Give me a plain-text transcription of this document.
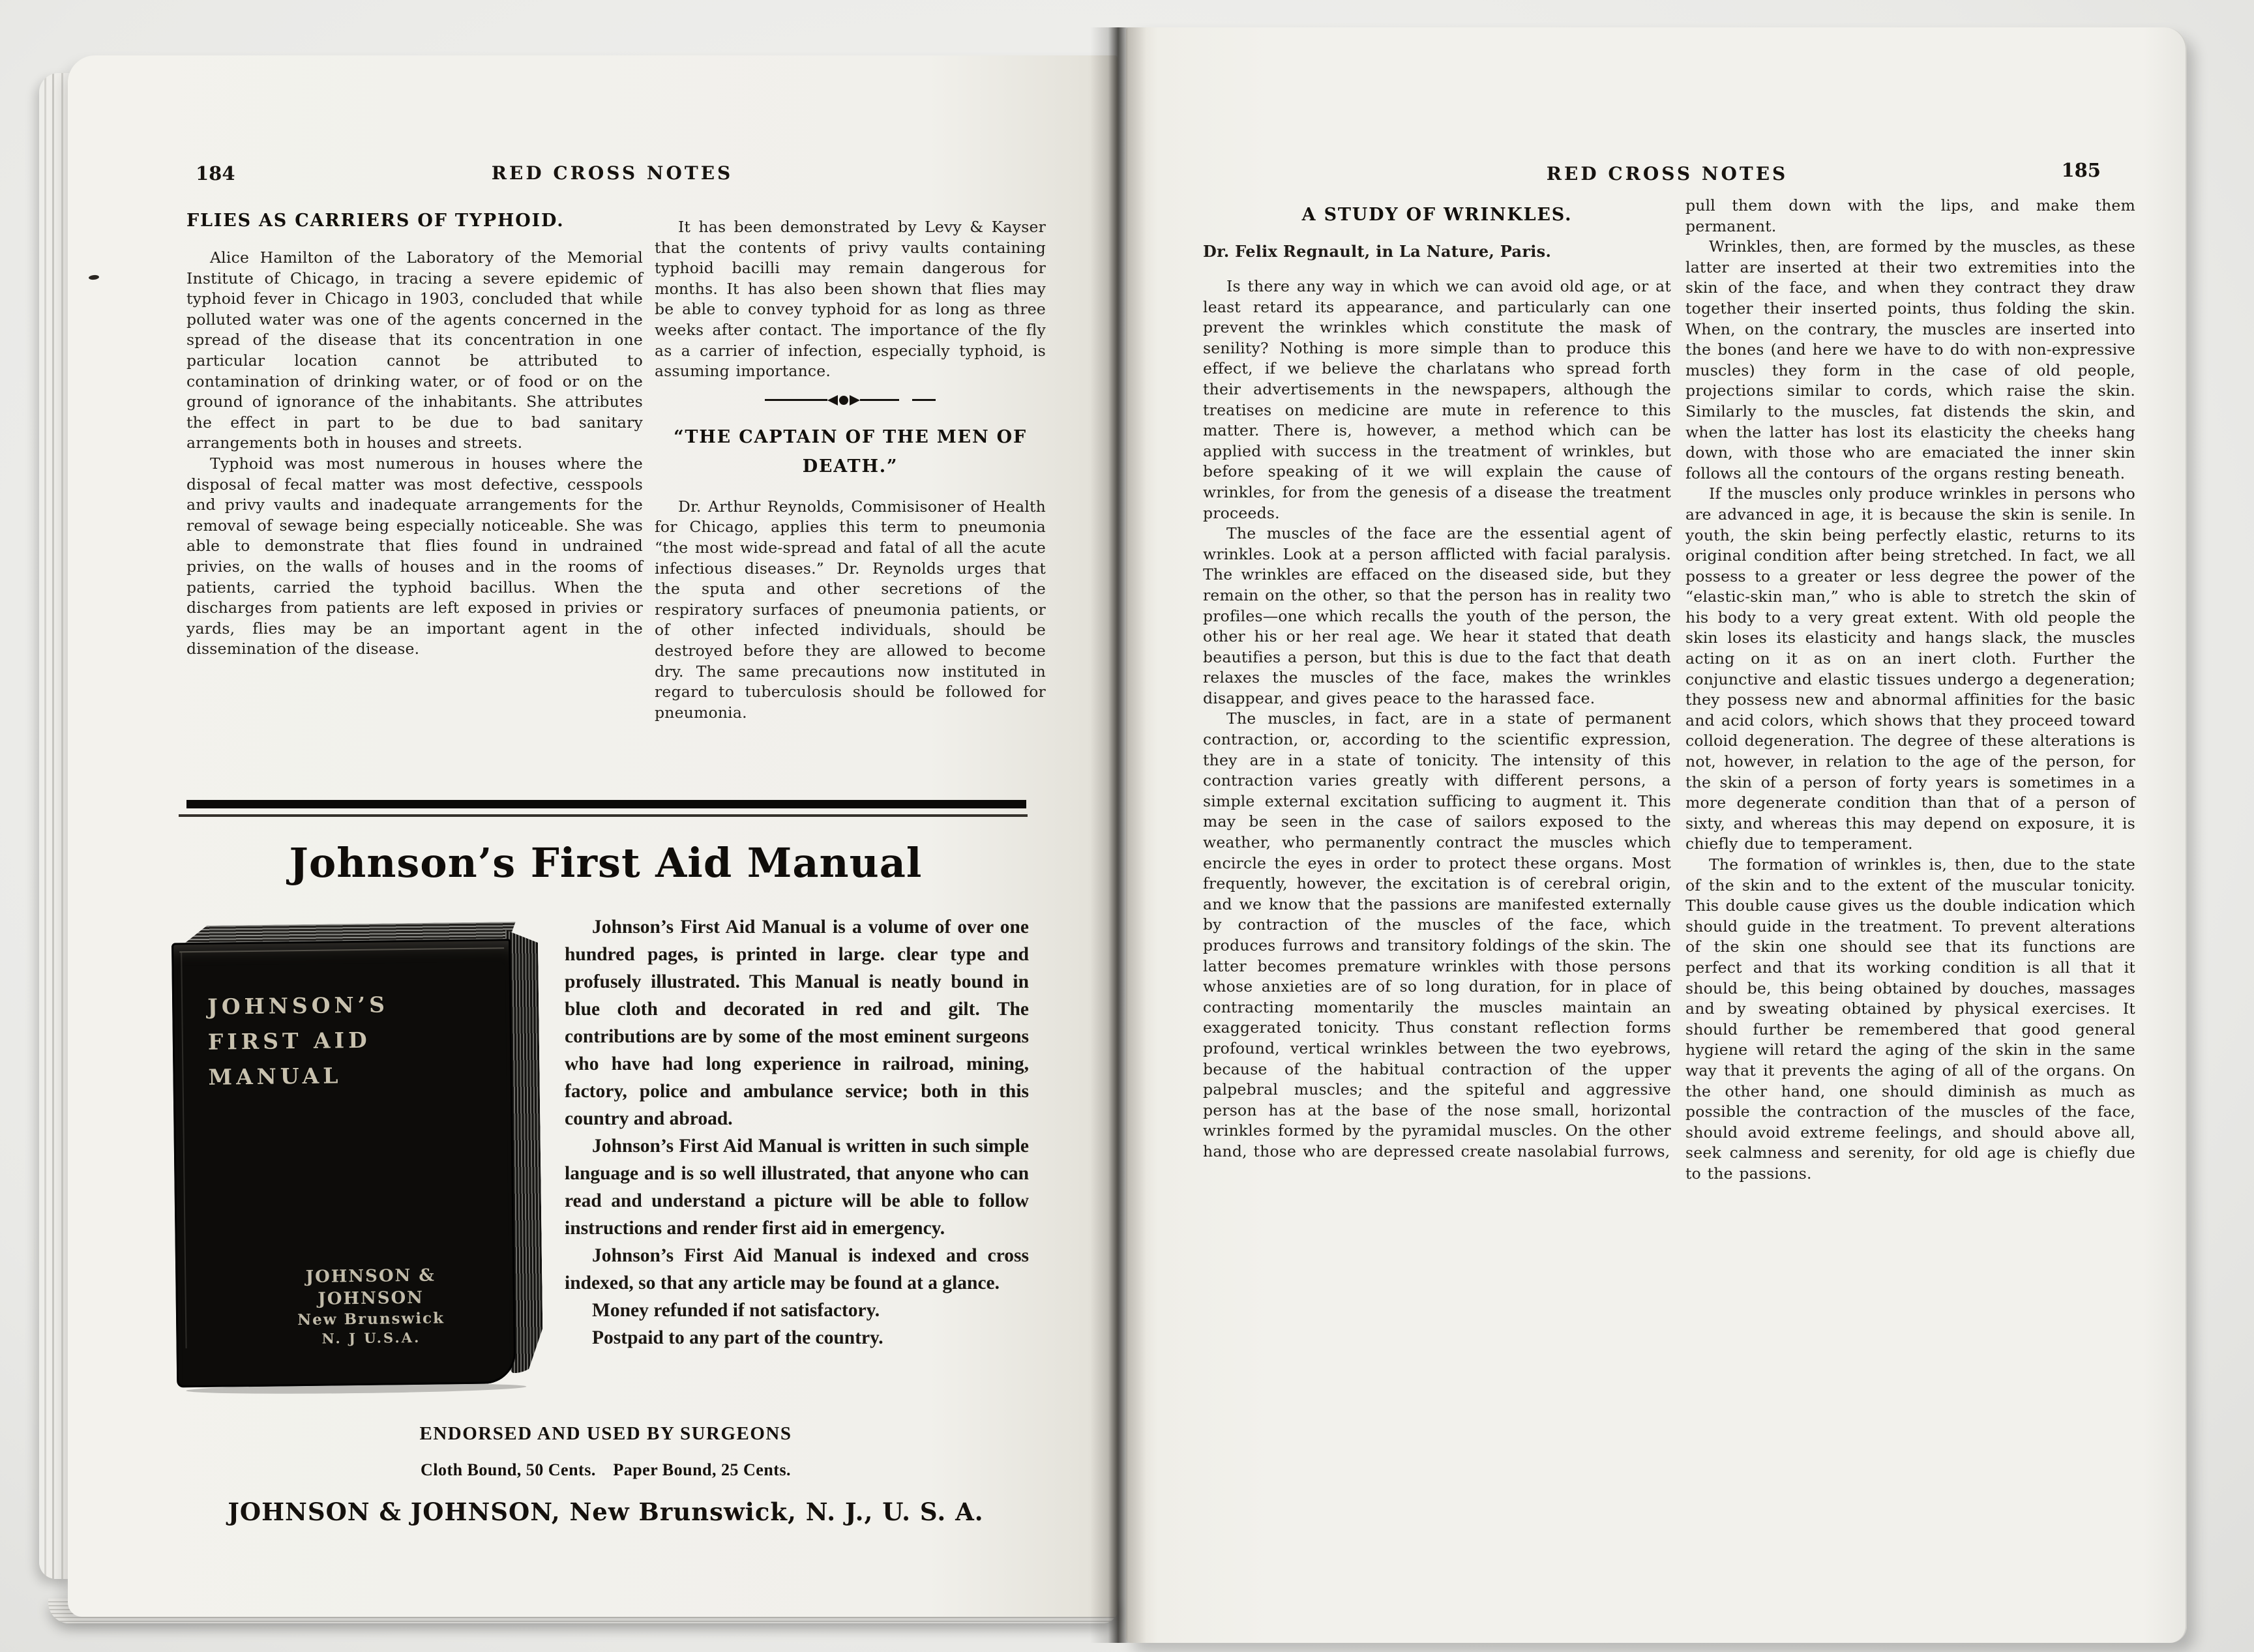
184	RED CROSS NOTES
FLIES AS CARRIERS OF TYPHOID.

Alice Hamilton of the Laboratory of the Memorial Institute of Chicago, in tracing a severe epidemic of typhoid fever in Chicago in 1903, concluded that while polluted water was one of the agents concerned in the spread of the disease that its concentration in one particular location cannot be attributed to contamination of drinking water, or of food or on the ground of ignorance of the inhabitants. She attributes the effect in part to be due to bad sanitary arrangements both in houses and streets.

Typhoid was most numerous in houses where the disposal of fecal matter was most defective, cesspools and privy vaults and inadequate arrangements for the removal of sewage being especially noticeable. She was able to demonstrate that flies found in undrained privies, on the walls of houses and in the rooms of patients, carried the typhoid bacillus. When the discharges from patients are left exposed in privies or yards, flies may be an important agent in the dissemination of the disease.

It has been demonstrated by Levy & Kayser that the contents of privy vaults containing typhoid bacilli may remain dangerous for months. It has also been shown that flies may be able to convey typhoid for as long as three weeks after contact. The importance of the fly as a carrier of infection, especially typhoid, is assuming importance.

“THE CAPTAIN OF THE MEN OF
DEATH.”

Dr. Arthur Reynolds, Commisisoner of Health for Chicago, applies this term to pneumonia “the most wide-spread and fatal of all the acute infectious diseases.” Dr. Reynolds urges that the sputa and other secretions of the respiratory surfaces of pneumonia patients, or of other infected individuals, should be destroyed before they are allowed to become dry. The same precautions now instituted in regard to tuberculosis should be followed for pneumonia.

Johnson’s First Aid Manual
JOHNSON’S
FIRST AID
MANUAL
JOHNSON & JOHNSON
New Brunswick
N. J U.S.A.

Johnson’s First Aid Manual is a volume of over one hundred pages, is printed in large. clear type and profusely illustrated. This Manual is neatly bound in blue cloth and decorated in red and gilt. The contributions are by some of the most eminent surgeons who have had long experience in railroad, mining, factory, police and ambulance service; both in this country and abroad.

Johnson’s First Aid Manual is written in such simple language and is so well illustrated, that anyone who can read and understand a picture will be able to follow instructions and render first aid in emergency.

Johnson’s First Aid Manual is indexed and cross indexed, so that any article may be found at a glance.

Money refunded if not satisfactory.

Postpaid to any part of the country.

ENDORSED AND USED BY SURGEONS

Cloth Bound, 50 Cents. Paper Bound, 25 Cents.

JOHNSON & JOHNSON, New Brunswick, N. J., U. S. A.

RED CROSS NOTES	185
A STUDY OF WRINKLES.
Dr. Felix Regnault, in La Nature, Paris.

Is there any way in which we can avoid old age, or at least retard its appearance, and particularly can one prevent the wrinkles which constitute the mask of senility? Nothing is more simple than to produce this effect, if we believe the charlatans who spread forth their advertisements in the newspapers, although the treatises on medicine are mute in reference to this matter. There is, however, a method which can be applied with success in the treatment of wrinkles, but before speaking of it we will explain the cause of wrinkles, for from the genesis of a disease the treatment proceeds.

The muscles of the face are the essential agent of wrinkles. Look at a person afflicted with facial paralysis. The wrinkles are effaced on the diseased side, but they remain on the other, so that the person has in reality two profiles—one which recalls the youth of the person, the other his or her real age. We hear it stated that death beautifies a person, but this is due to the fact that death relaxes the muscles of the face, makes the wrinkles disappear, and gives peace to the harassed face.

The muscles, in fact, are in a state of permanent contraction, or, according to the scientific expression, they are in a state of tonicity. The intensity of this contraction varies greatly with different persons, a simple external excitation sufficing to augment it. This may be seen in the case of sailors exposed to the weather, who permanently contract the muscles which encircle the eyes in order to protect these organs. Most frequently, however, the excitation is of cerebral origin, and we know that the passions are manifested externally by contraction of the muscles of the face, which produces furrows and transitory foldings of the skin. The latter becomes premature wrinkles with those persons whose anxieties are of so long duration, for in place of contracting momentarily the muscles maintain an exaggerated tonicity. Thus constant reflection forms profound, vertical wrinkles between the two eyebrows, because of the habitual contraction of the upper palpebral muscles; and the spiteful and aggressive person has at the base of the nose small, horizontal wrinkles formed by the pyramidal muscles. On the other hand, those who are depressed create nasolabial furrows,

pull them down with the lips, and make them permanent.

Wrinkles, then, are formed by the muscles, as these latter are inserted at their two extremities into the skin of the face, and when they contract they draw together their inserted points, thus folding the skin. When, on the contrary, the muscles are inserted into the bones (and here we have to do with non-expressive muscles) they form in the case of old people, projections similar to cords, which raise the skin. Similarly to the muscles, fat distends the skin, and when the latter has lost its elasticity the cheeks hang down, with those who are emaciated the inner skin follows all the contours of the organs resting beneath.

If the muscles only produce wrinkles in persons who are advanced in age, it is because the skin is senile. In youth, the skin being perfectly elastic, returns to its original condition after being stretched. In fact, we all possess to a greater or less degree the power of the “elastic-skin man,” who is able to stretch the skin of his body to a very great extent. With old people the skin loses its elasticity and hangs slack, the muscles acting on it as on an inert cloth. Further the conjunctive and elastic tissues undergo a degeneration; they possess new and abnormal affinities for the basic and acid colors, which shows that they proceed toward colloid degeneration. The degree of these alterations is not, however, in relation to the age of the person, for the skin of a person of forty years is sometimes in a more degenerate condition than that of a person of sixty, and whereas this may depend on exposure, it is chiefly due to temperament.

The formation of wrinkles is, then, due to the state of the skin and to the extent of the muscular tonicity. This double cause gives us the double indication which should guide in the treatment. To prevent alterations of the skin one should see that its functions are perfect and that its working condition is all that it should be, this being obtained by douches, massages and by sweating obtained by physical exercises. It should further be remembered that good general hygiene will retard the aging of the skin in the same way that it prevents the aging of all of the organs. On the other hand, one should diminish as much as possible the contraction of the muscles of the face, should avoid extreme feelings, and should above all, seek calmness and serenity, for old age is chiefly due to the passions.
